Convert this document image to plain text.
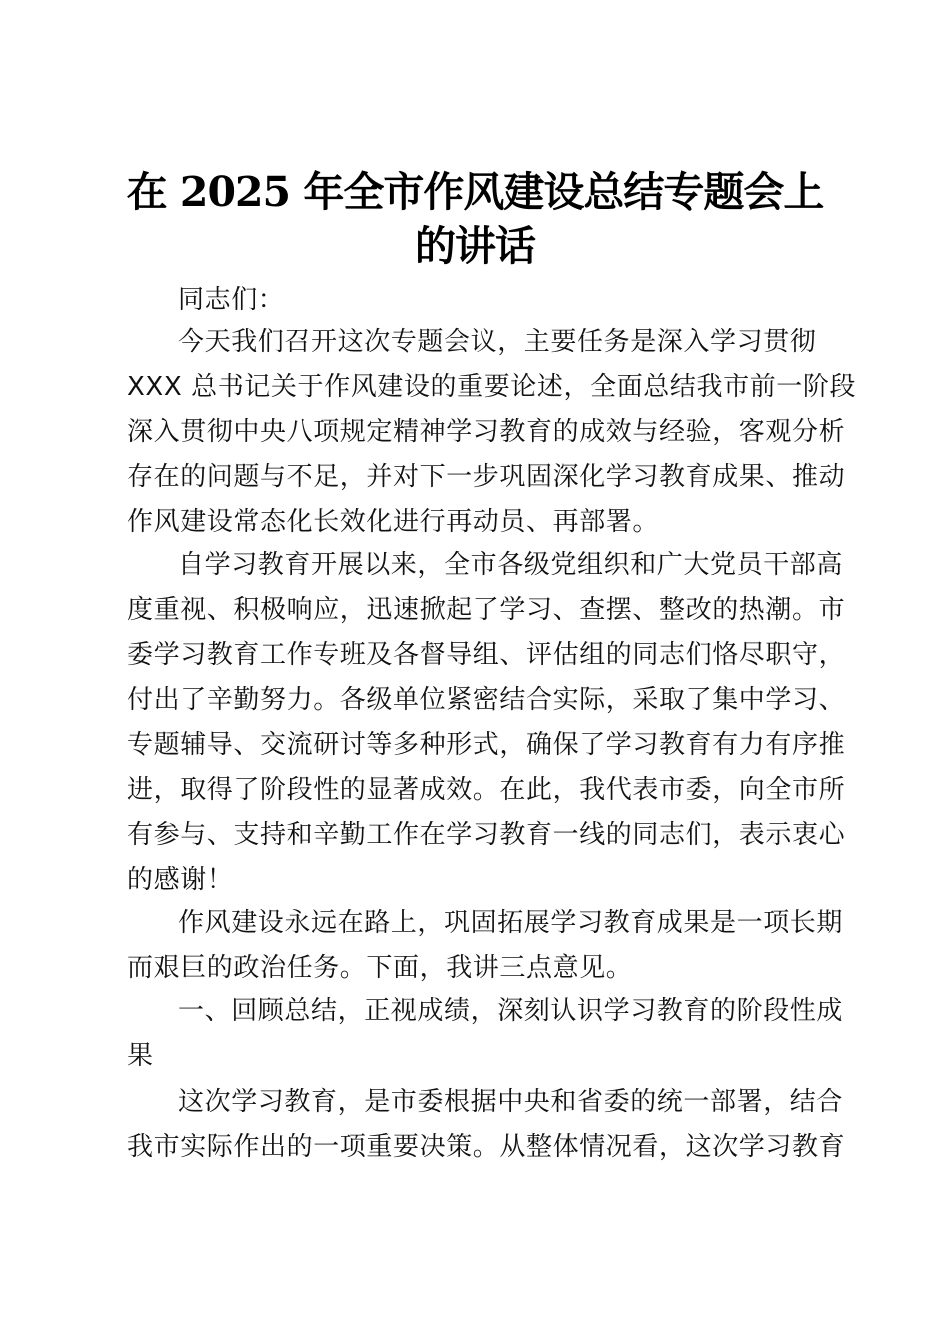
在 2025 年全市作风建设总结专题会上
的讲话
同志们：
今天我们召开这次专题会议，主要任务是深入学习贯彻
XXX 总书记关于作风建设的重要论述，全面总结我市前一阶段
深入贯彻中央八项规定精神学习教育的成效与经验，客观分析
存在的问题与不足，并对下一步巩固深化学习教育成果、推动
作风建设常态化长效化进行再动员、再部署。
自学习教育开展以来，全市各级党组织和广大党员干部高
度重视、积极响应，迅速掀起了学习、查摆、整改的热潮。市
委学习教育工作专班及各督导组、评估组的同志们恪尽职守，
付出了辛勤努力。各级单位紧密结合实际，采取了集中学习、
专题辅导、交流研讨等多种形式，确保了学习教育有力有序推
进，取得了阶段性的显著成效。在此，我代表市委，向全市所
有参与、支持和辛勤工作在学习教育一线的同志们，表示衷心
的感谢！
作风建设永远在路上，巩固拓展学习教育成果是一项长期
而艰巨的政治任务。下面，我讲三点意见。
一、回顾总结，正视成绩，深刻认识学习教育的阶段性成
果
这次学习教育，是市委根据中央和省委的统一部署，结合
我市实际作出的一项重要决策。从整体情况看，这次学习教育
